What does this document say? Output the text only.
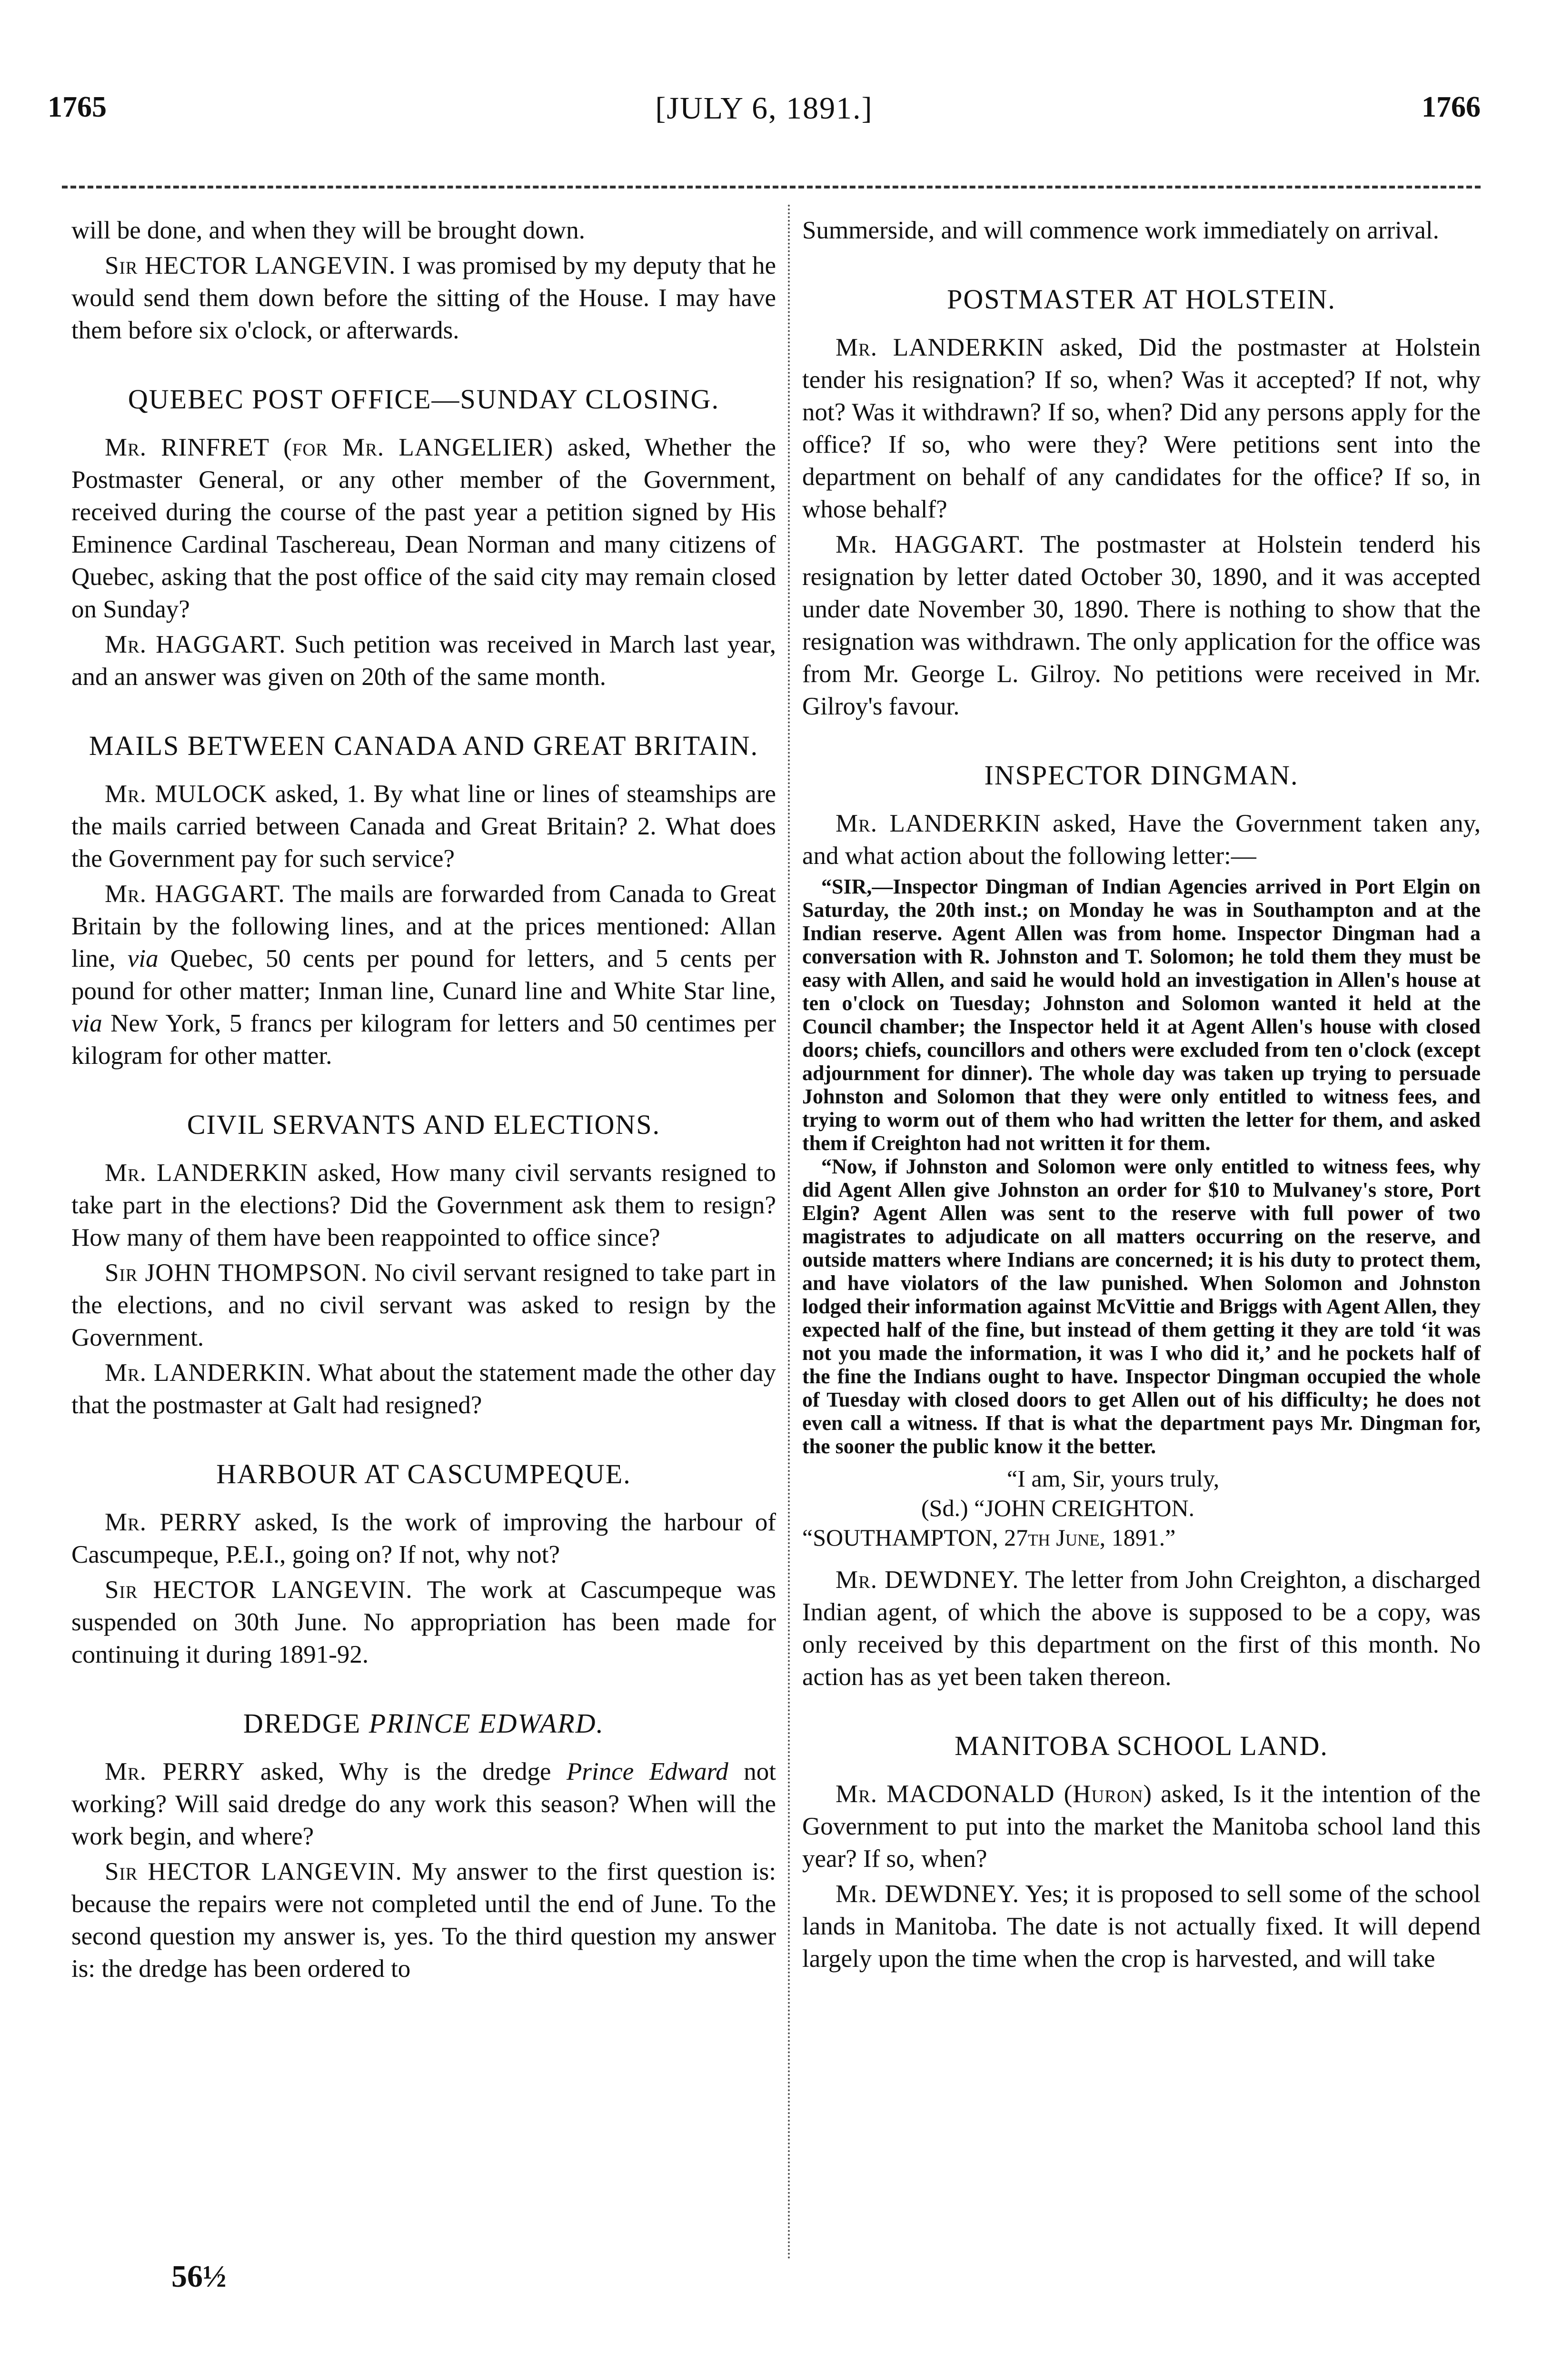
1765	[JULY 6, 1891.]	1766

will be done, and when they will be brought down.

Sir HECTOR LANGEVIN. I was promised by my deputy that he would send them down before the sitting of the House. I may have them before six o'clock, or afterwards.

QUEBEC POST OFFICE—SUNDAY CLOSING.

Mr. RINFRET (for Mr. LANGELIER) asked, Whether the Postmaster General, or any other member of the Government, received during the course of the past year a petition signed by His Eminence Cardinal Taschereau, Dean Norman and many citizens of Quebec, asking that the post office of the said city may remain closed on Sunday?

Mr. HAGGART. Such petition was received in March last year, and an answer was given on 20th of the same month.

MAILS BETWEEN CANADA AND GREAT BRITAIN.

Mr. MULOCK asked, 1. By what line or lines of steamships are the mails carried between Canada and Great Britain? 2. What does the Government pay for such service?

Mr. HAGGART. The mails are forwarded from Canada to Great Britain by the following lines, and at the prices mentioned: Allan line, via Quebec, 50 cents per pound for letters, and 5 cents per pound for other matter; Inman line, Cunard line and White Star line, via New York, 5 francs per kilogram for letters and 50 centimes per kilogram for other matter.

CIVIL SERVANTS AND ELECTIONS.

Mr. LANDERKIN asked, How many civil servants resigned to take part in the elections? Did the Government ask them to resign? How many of them have been reappointed to office since?

Sir JOHN THOMPSON. No civil servant resigned to take part in the elections, and no civil servant was asked to resign by the Government.

Mr. LANDERKIN. What about the statement made the other day that the postmaster at Galt had resigned?

HARBOUR AT CASCUMPEQUE.

Mr. PERRY asked, Is the work of improving the harbour of Cascumpeque, P.E.I., going on? If not, why not?

Sir HECTOR LANGEVIN. The work at Cascumpeque was suspended on 30th June. No appropriation has been made for continuing it during 1891-92.

DREDGE PRINCE EDWARD.

Mr. PERRY asked, Why is the dredge Prince Edward not working? Will said dredge do any work this season? When will the work begin, and where?

Sir HECTOR LANGEVIN. My answer to the first question is: because the repairs were not completed until the end of June. To the second question my answer is, yes. To the third question my answer is: the dredge has been ordered to

Summerside, and will commence work immediately on arrival.

POSTMASTER AT HOLSTEIN.

Mr. LANDERKIN asked, Did the postmaster at Holstein tender his resignation? If so, when? Was it accepted? If not, why not? Was it withdrawn? If so, when? Did any persons apply for the office? If so, who were they? Were petitions sent into the department on behalf of any candidates for the office? If so, in whose behalf?

Mr. HAGGART. The postmaster at Holstein tenderd his resignation by letter dated October 30, 1890, and it was accepted under date November 30, 1890. There is nothing to show that the resignation was withdrawn. The only application for the office was from Mr. George L. Gilroy. No petitions were received in Mr. Gilroy's favour.

INSPECTOR DINGMAN.

Mr. LANDERKIN asked, Have the Government taken any, and what action about the following letter:—

“SIR,—Inspector Dingman of Indian Agencies arrived in Port Elgin on Saturday, the 20th inst.; on Monday he was in Southampton and at the Indian reserve. Agent Allen was from home. Inspector Dingman had a conversation with R. Johnston and T. Solomon; he told them they must be easy with Allen, and said he would hold an investigation in Allen's house at ten o'clock on Tuesday; Johnston and Solomon wanted it held at the Council chamber; the Inspector held it at Agent Allen's house with closed doors; chiefs, councillors and others were excluded from ten o'clock (except adjournment for dinner). The whole day was taken up trying to persuade Johnston and Solomon that they were only entitled to witness fees, and trying to worm out of them who had written the letter for them, and asked them if Creighton had not written it for them.

“Now, if Johnston and Solomon were only entitled to witness fees, why did Agent Allen give Johnston an order for $10 to Mulvaney's store, Port Elgin? Agent Allen was sent to the reserve with full power of two magistrates to adjudicate on all matters occurring on the reserve, and outside matters where Indians are concerned; it is his duty to protect them, and have violators of the law punished. When Solomon and Johnston lodged their information against McVittie and Briggs with Agent Allen, they expected half of the fine, but instead of them getting it they are told ‘it was not you made the information, it was I who did it,’ and he pockets half of the fine the Indians ought to have. Inspector Dingman occupied the whole of Tuesday with closed doors to get Allen out of his difficulty; he does not even call a witness. If that is what the department pays Mr. Dingman for, the sooner the public know it the better.

“I am, Sir, yours truly,
(Sd.) “JOHN CREIGHTON.
“SOUTHAMPTON, 27th June, 1891.”

Mr. DEWDNEY. The letter from John Creighton, a discharged Indian agent, of which the above is supposed to be a copy, was only received by this department on the first of this month. No action has as yet been taken thereon.

MANITOBA SCHOOL LAND.

Mr. MACDONALD (Huron) asked, Is it the intention of the Government to put into the market the Manitoba school land this year? If so, when?

Mr. DEWDNEY. Yes; it is proposed to sell some of the school lands in Manitoba. The date is not actually fixed. It will depend largely upon the time when the crop is harvested, and will take

56½
